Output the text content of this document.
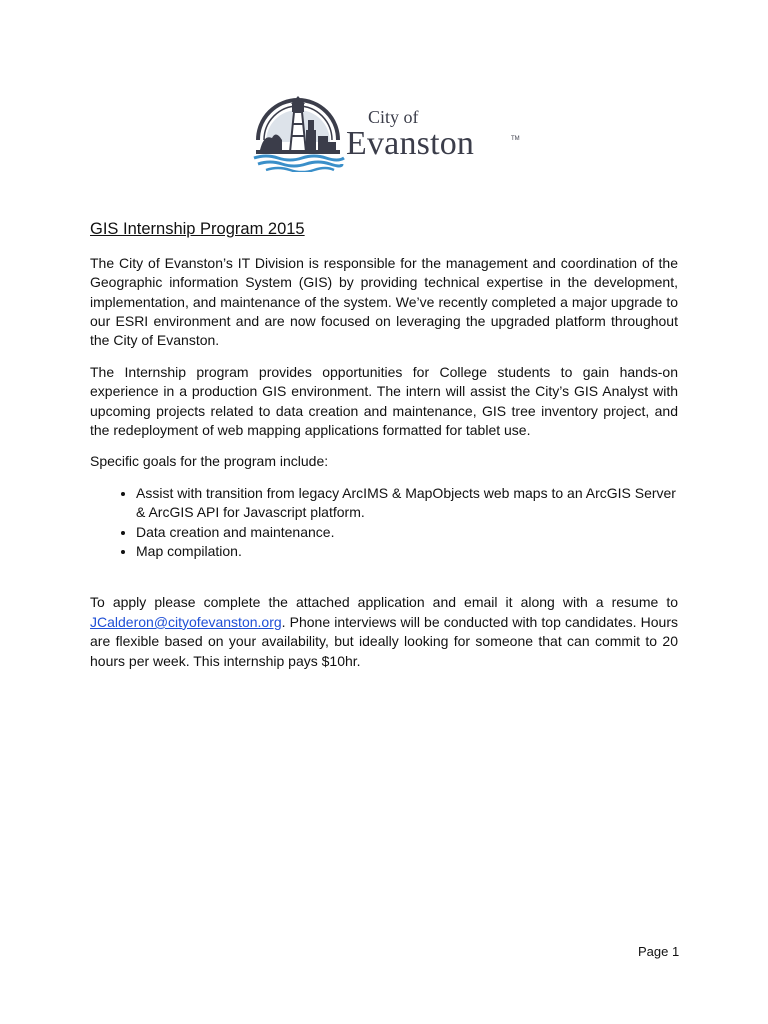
City of
Evanston	TM
GIS Internship Program 2015

The City of Evanston’s IT Division is responsible for the management and coordination of the Geographic information System (GIS) by providing technical expertise in the development, implementation, and maintenance of the system. We’ve recently completed a major upgrade to our ESRI environment and are now focused on leveraging the upgraded platform throughout the City of Evanston.

The Internship program provides opportunities for College students to gain hands-on experience in a production GIS environment. The intern will assist the City’s GIS Analyst with upcoming projects related to data creation and maintenance, GIS tree inventory project, and the redeployment of web mapping applications formatted for tablet use.

Specific goals for the program include:

• Assist with transition from legacy ArcIMS & MapObjects web maps to an ArcGIS Server & ArcGIS API for Javascript platform.
• Data creation and maintenance.
• Map compilation.

To apply please complete the attached application and email it along with a resume to JCalderon@cityofevanston.org. Phone interviews will be conducted with top candidates. Hours are flexible based on your availability, but ideally looking for someone that can commit to 20 hours per week. This internship pays $10hr.

Page 1
